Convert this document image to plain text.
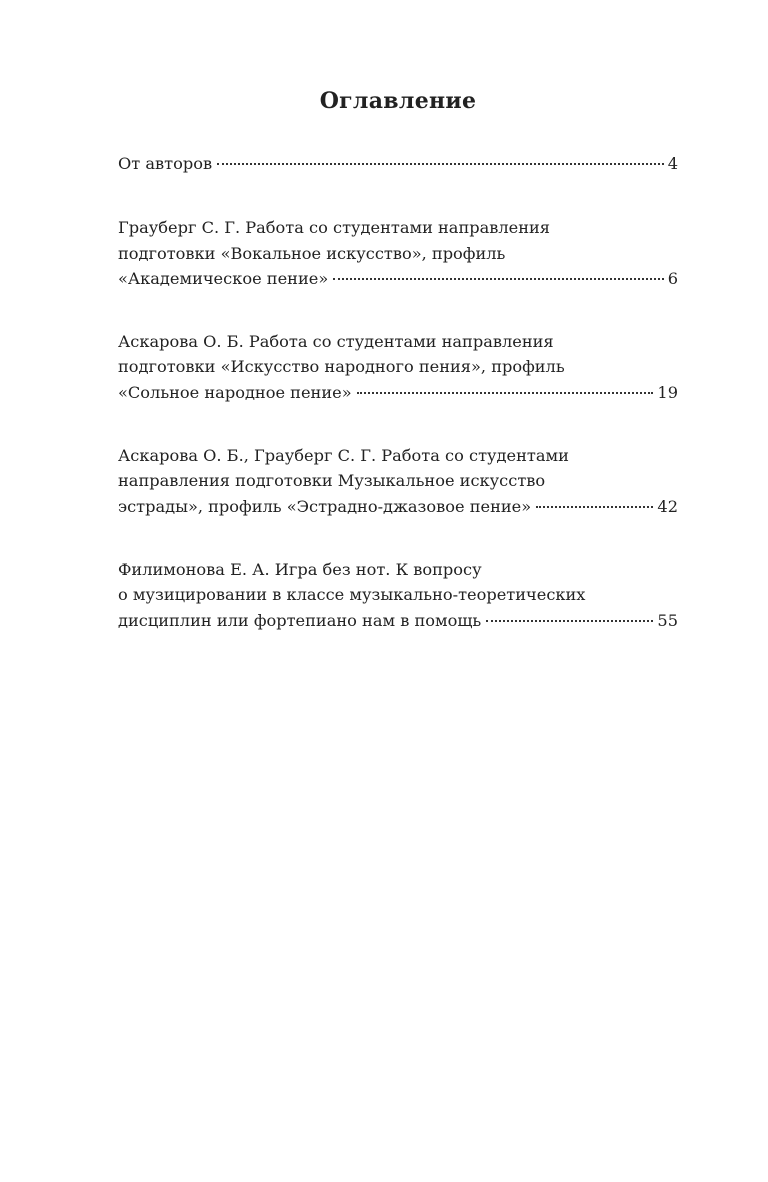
Оглавление
От авторов	4
Грауберг С. Г. Работа со студентами направления
подготовки «Вокальное искусство», профиль
«Академическое пение»	6
Аскарова О. Б. Работа со студентами направления
подготовки «Искусство народного пения», профиль
«Сольное народное пение»	19
Аскарова О. Б., Грауберг С. Г. Работа со студентами
направления подготовки Музыкальное искусство
эстрады», профиль «Эстрадно-джазовое пение»	42
Филимонова Е. А. Игра без нот. К вопросу
о музицировании в классе музыкально-теоретических
дисциплин или фортепиано нам в помощь	55
